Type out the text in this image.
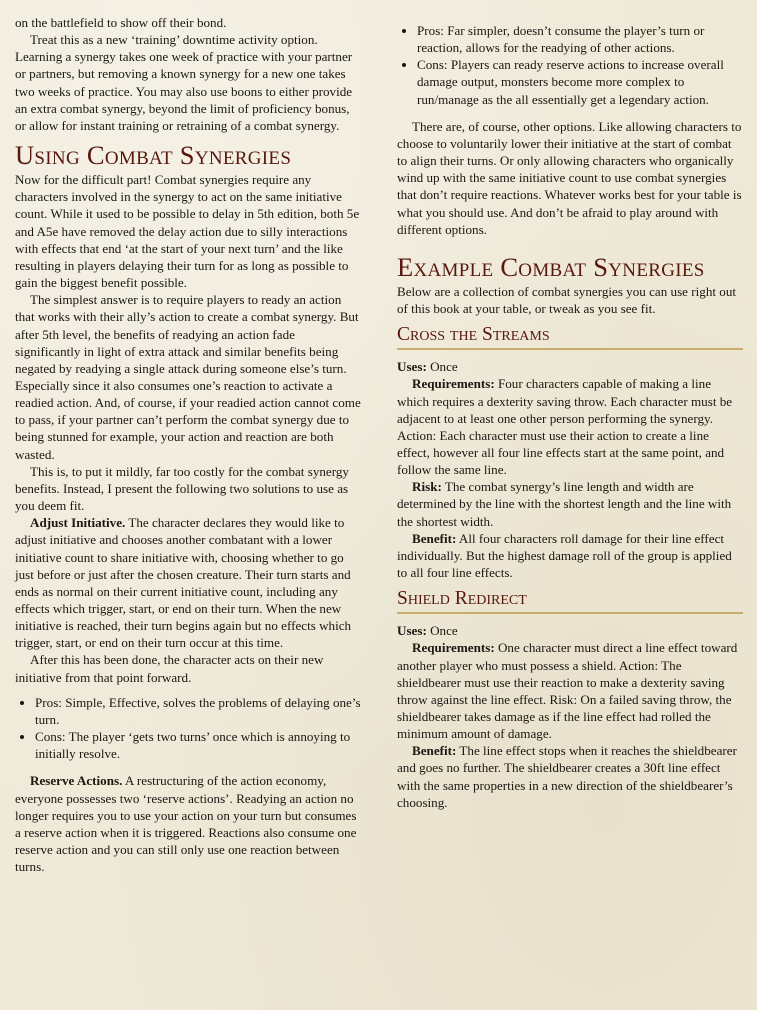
on the battlefield to show off their bond.

Treat this as a new ‘training’ downtime activity option. Learning a synergy takes one week of practice with your partner or partners, but removing a known synergy for a new one takes two weeks of practice. You may also use boons to either provide an extra combat synergy, beyond the limit of proficiency bonus, or allow for instant training or retraining of a combat synergy.

Using Combat Synergies

Now for the difficult part! Combat synergies require any characters involved in the synergy to act on the same initiative count. While it used to be possible to delay in 5th edition, both 5e and A5e have removed the delay action due to silly interactions with effects that end ‘at the start of your next turn’ and the like resulting in players delaying their turn for as long as possible to gain the biggest benefit possible.

The simplest answer is to require players to ready an action that works with their ally’s action to create a combat synergy. But after 5th level, the benefits of readying an action fade significantly in light of extra attack and similar benefits being negated by readying a single attack during someone else’s turn. Especially since it also consumes one’s reaction to activate a readied action. And, of course, if your readied action cannot come to pass, if your partner can’t perform the combat synergy due to being stunned for example, your action and reaction are both wasted.

This is, to put it mildly, far too costly for the combat synergy benefits. Instead, I present the following two solutions to use as you deem fit.

Adjust Initiative. The character declares they would like to adjust initiative and chooses another combatant with a lower initiative count to share initiative with, choosing whether to go just before or just after the chosen creature. Their turn starts and ends as normal on their current initiative count, including any effects which trigger, start, or end on their turn. When the new initiative is reached, their turn begins again but no effects which trigger, start, or end on their turn occur at this time.

After this has been done, the character acts on their new initiative from that point forward.

• Pros: Simple, Effective, solves the problems of delaying one’s turn.
• Cons: The player ‘gets two turns’ once which is annoying to initially resolve.

Reserve Actions. A restructuring of the action economy, everyone possesses two ‘reserve actions’. Readying an action no longer requires you to use your action on your turn but consumes a reserve action when it is triggered. Reactions also consume one reserve action and you can still only use one reaction between turns.

• Pros: Far simpler, doesn’t consume the player’s turn or reaction, allows for the readying of other actions.
• Cons: Players can ready reserve actions to increase overall damage output, monsters become more complex to run/manage as the all essentially get a legendary action.

There are, of course, other options. Like allowing characters to choose to voluntarily lower their initiative at the start of combat to align their turns. Or only allowing characters who organically wind up with the same initiative count to use combat synergies that don’t require reactions. Whatever works best for your table is what you should use. And don’t be afraid to play around with different options.

Example Combat Synergies

Below are a collection of combat synergies you can use right out of this book at your table, or tweak as you see fit.

Cross the Streams

Uses: Once

Requirements: Four characters capable of making a line which requires a dexterity saving throw. Each character must be adjacent to at least one other person performing the synergy. Action: Each character must use their action to create a line effect, however all four line effects start at the same point, and follow the same line.

Risk: The combat synergy’s line length and width are determined by the line with the shortest length and the line with the shortest width.

Benefit: All four characters roll damage for their line effect individually. But the highest damage roll of the group is applied to all four line effects.

Shield Redirect

Uses: Once

Requirements: One character must direct a line effect toward another player who must possess a shield. Action: The shieldbearer must use their reaction to make a dexterity saving throw against the line effect. Risk: On a failed saving throw, the shieldbearer takes damage as if the line effect had rolled the minimum amount of damage.

Benefit: The line effect stops when it reaches the shieldbearer and goes no further. The shieldbearer creates a 30ft line effect with the same properties in a new direction of the shieldbearer’s choosing.
